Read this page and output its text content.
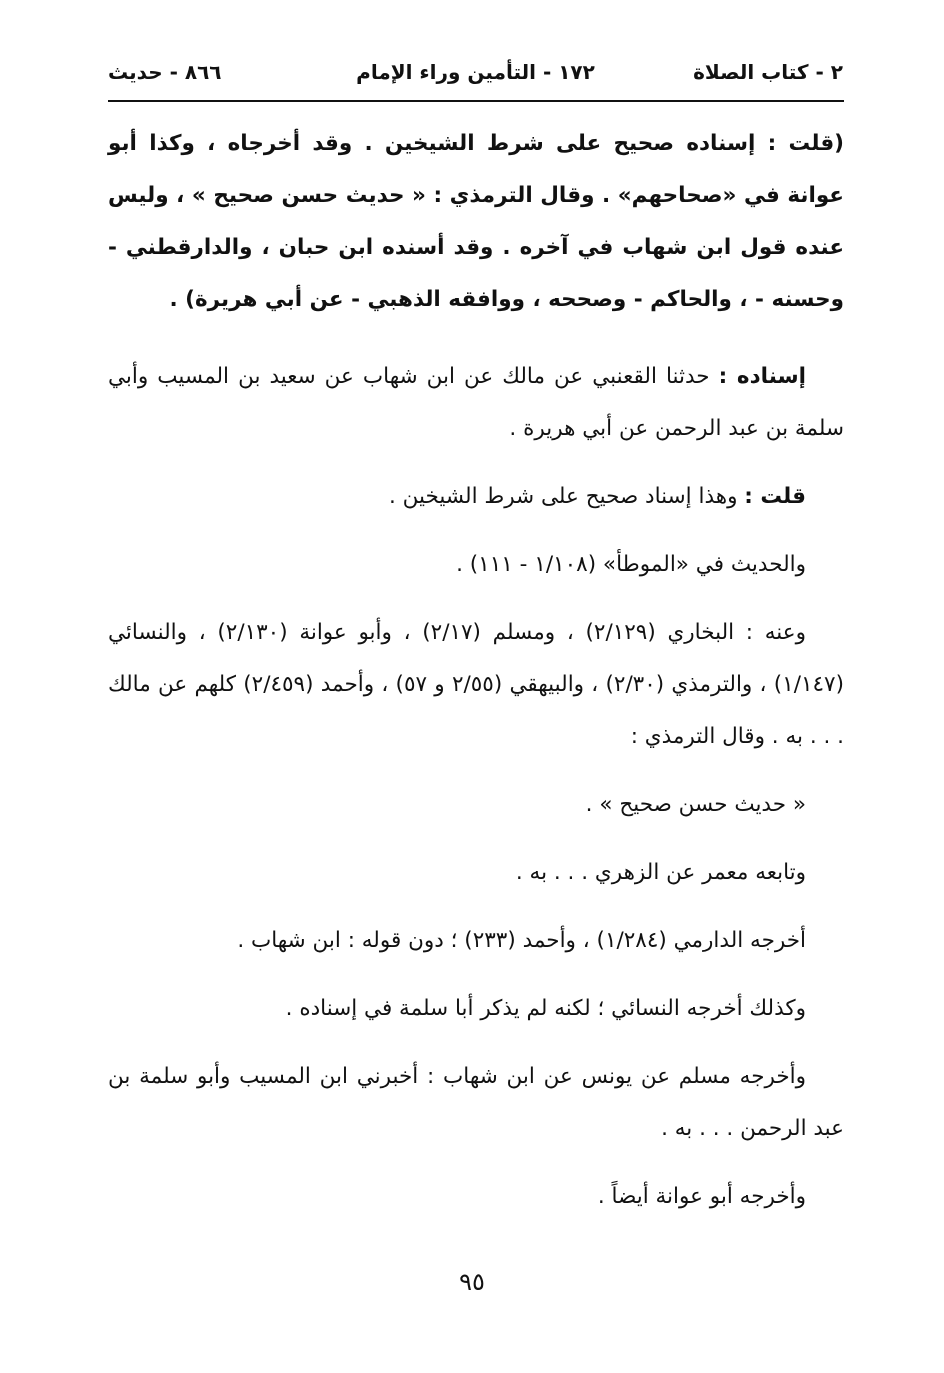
٢ - كتاب الصلاة
١٧٢ - التأمين وراء الإمام
٨٦٦ - حديث

(قلت : إسناده صحيح على شرط الشيخين . وقد أخرجاه ، وكذا أبو عوانة في «صحاحهم» . وقال الترمذي : « حديث حسن صحيح » ، وليس عنده قول ابن شهاب في آخره . وقد أسنده ابن حبان ، والدارقطني - وحسنه - ، والحاكم - وصححه ، ووافقه الذهبي - عن أبي هريرة) .

إسناده : حدثنا القعنبي عن مالك عن ابن شهاب عن سعيد بن المسيب وأبي سلمة بن عبد الرحمن عن أبي هريرة .

قلت : وهذا إسناد صحيح على شرط الشيخين .

والحديث في «الموطأ» (١/١٠٨ - ١١١) .

وعنه : البخاري (٢/١٢٩) ، ومسلم (٢/١٧) ، وأبو عوانة (٢/١٣٠) ، والنسائي (١/١٤٧) ، والترمذي (٢/٣٠) ، والبيهقي (٢/٥٥ و ٥٧) ، وأحمد (٢/٤٥٩) كلهم عن مالك . . . به . وقال الترمذي :

« حديث حسن صحيح » .

وتابعه معمر عن الزهري . . . به .

أخرجه الدارمي (١/٢٨٤) ، وأحمد (٢٣٣) ؛ دون قوله : ابن شهاب .

وكذلك أخرجه النسائي ؛ لكنه لم يذكر أبا سلمة في إسناده .

وأخرجه مسلم عن يونس عن ابن شهاب : أخبرني ابن المسيب وأبو سلمة بن عبد الرحمن . . . به .

وأخرجه أبو عوانة أيضاً .

٩٥
